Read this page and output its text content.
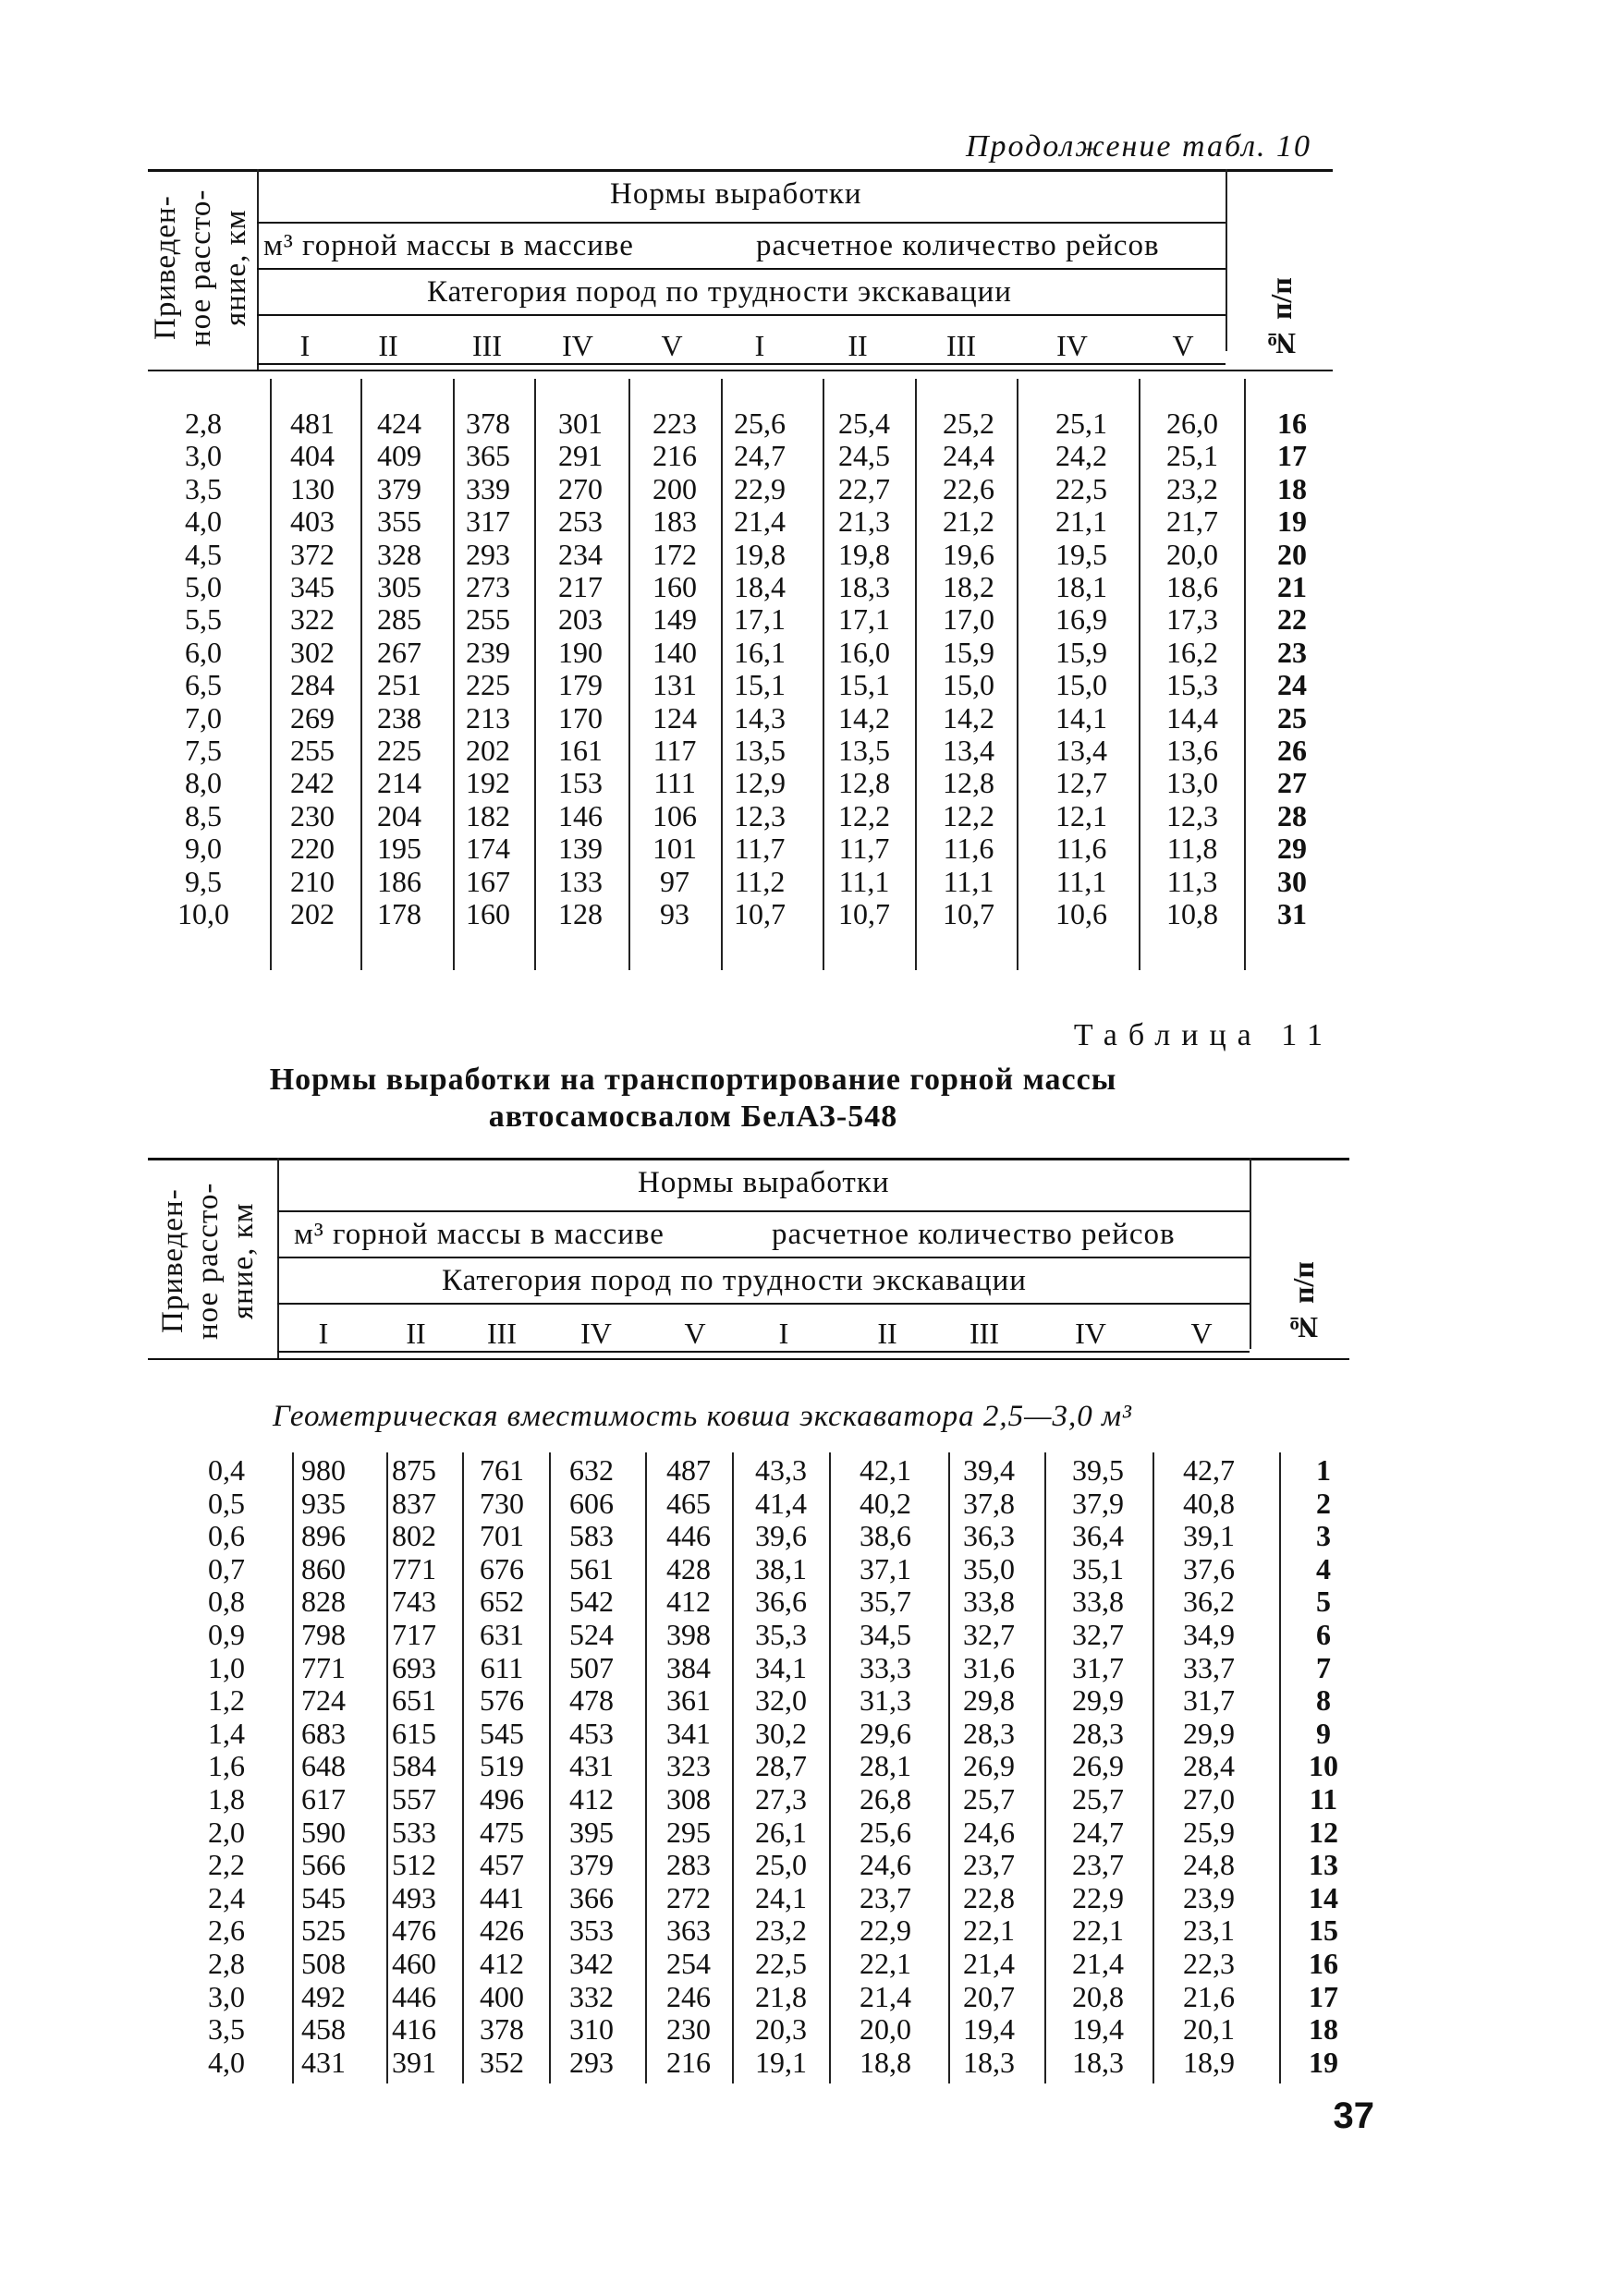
Продолжение табл. 10
Приведен-ное рассто-яние, км
Нормы выработки
м³ горной массы в массиве	расчетное количество рейсов
Категория пород по трудности экскавации
I	II	III	IV	V	I	II	III	IV	V	№ п/п
2,8	481	424	378	301	223	25,6	25,4	25,2	25,1	26,0	16
3,0	404	409	365	291	216	24,7	24,5	24,4	24,2	25,1	17
3,5	130	379	339	270	200	22,9	22,7	22,6	22,5	23,2	18
4,0	403	355	317	253	183	21,4	21,3	21,2	21,1	21,7	19
4,5	372	328	293	234	172	19,8	19,8	19,6	19,5	20,0	20
5,0	345	305	273	217	160	18,4	18,3	18,2	18,1	18,6	21
5,5	322	285	255	203	149	17,1	17,1	17,0	16,9	17,3	22
6,0	302	267	239	190	140	16,1	16,0	15,9	15,9	16,2	23
6,5	284	251	225	179	131	15,1	15,1	15,0	15,0	15,3	24
7,0	269	238	213	170	124	14,3	14,2	14,2	14,1	14,4	25
7,5	255	225	202	161	117	13,5	13,5	13,4	13,4	13,6	26
8,0	242	214	192	153	111	12,9	12,8	12,8	12,7	13,0	27
8,5	230	204	182	146	106	12,3	12,2	12,2	12,1	12,3	28
9,0	220	195	174	139	101	11,7	11,7	11,6	11,6	11,8	29
9,5	210	186	167	133	97	11,2	11,1	11,1	11,1	11,3	30
10,0	202	178	160	128	93	10,7	10,7	10,7	10,6	10,8	31
Таблица 11
Нормы выработки на транспортирование горной массы
автосамосвалом БелАЗ-548
Приведен-ное рассто-яние, км
Нормы выработки
м³ горной массы в массиве	расчетное количество рейсов
Категория пород по трудности экскавации
I	II	III	IV	V	I	II	III	IV	V	№ п/п
0,4	980	875	761	632	487	43,3	42,1	39,4	39,5	42,7	1
0,5	935	837	730	606	465	41,4	40,2	37,8	37,9	40,8	2
0,6	896	802	701	583	446	39,6	38,6	36,3	36,4	39,1	3
0,7	860	771	676	561	428	38,1	37,1	35,0	35,1	37,6	4
0,8	828	743	652	542	412	36,6	35,7	33,8	33,8	36,2	5
0,9	798	717	631	524	398	35,3	34,5	32,7	32,7	34,9	6
1,0	771	693	611	507	384	34,1	33,3	31,6	31,7	33,7	7
1,2	724	651	576	478	361	32,0	31,3	29,8	29,9	31,7	8
1,4	683	615	545	453	341	30,2	29,6	28,3	28,3	29,9	9
1,6	648	584	519	431	323	28,7	28,1	26,9	26,9	28,4	10
1,8	617	557	496	412	308	27,3	26,8	25,7	25,7	27,0	11
2,0	590	533	475	395	295	26,1	25,6	24,6	24,7	25,9	12
2,2	566	512	457	379	283	25,0	24,6	23,7	23,7	24,8	13
2,4	545	493	441	366	272	24,1	23,7	22,8	22,9	23,9	14
2,6	525	476	426	353	363	23,2	22,9	22,1	22,1	23,1	15
2,8	508	460	412	342	254	22,5	22,1	21,4	21,4	22,3	16
3,0	492	446	400	332	246	21,8	21,4	20,7	20,8	21,6	17
3,5	458	416	378	310	230	20,3	20,0	19,4	19,4	20,1	18
4,0	431	391	352	293	216	19,1	18,8	18,3	18,3	18,9	19
Геометрическая вместимость ковша экскаватора 2,5—3,0 м³
37
